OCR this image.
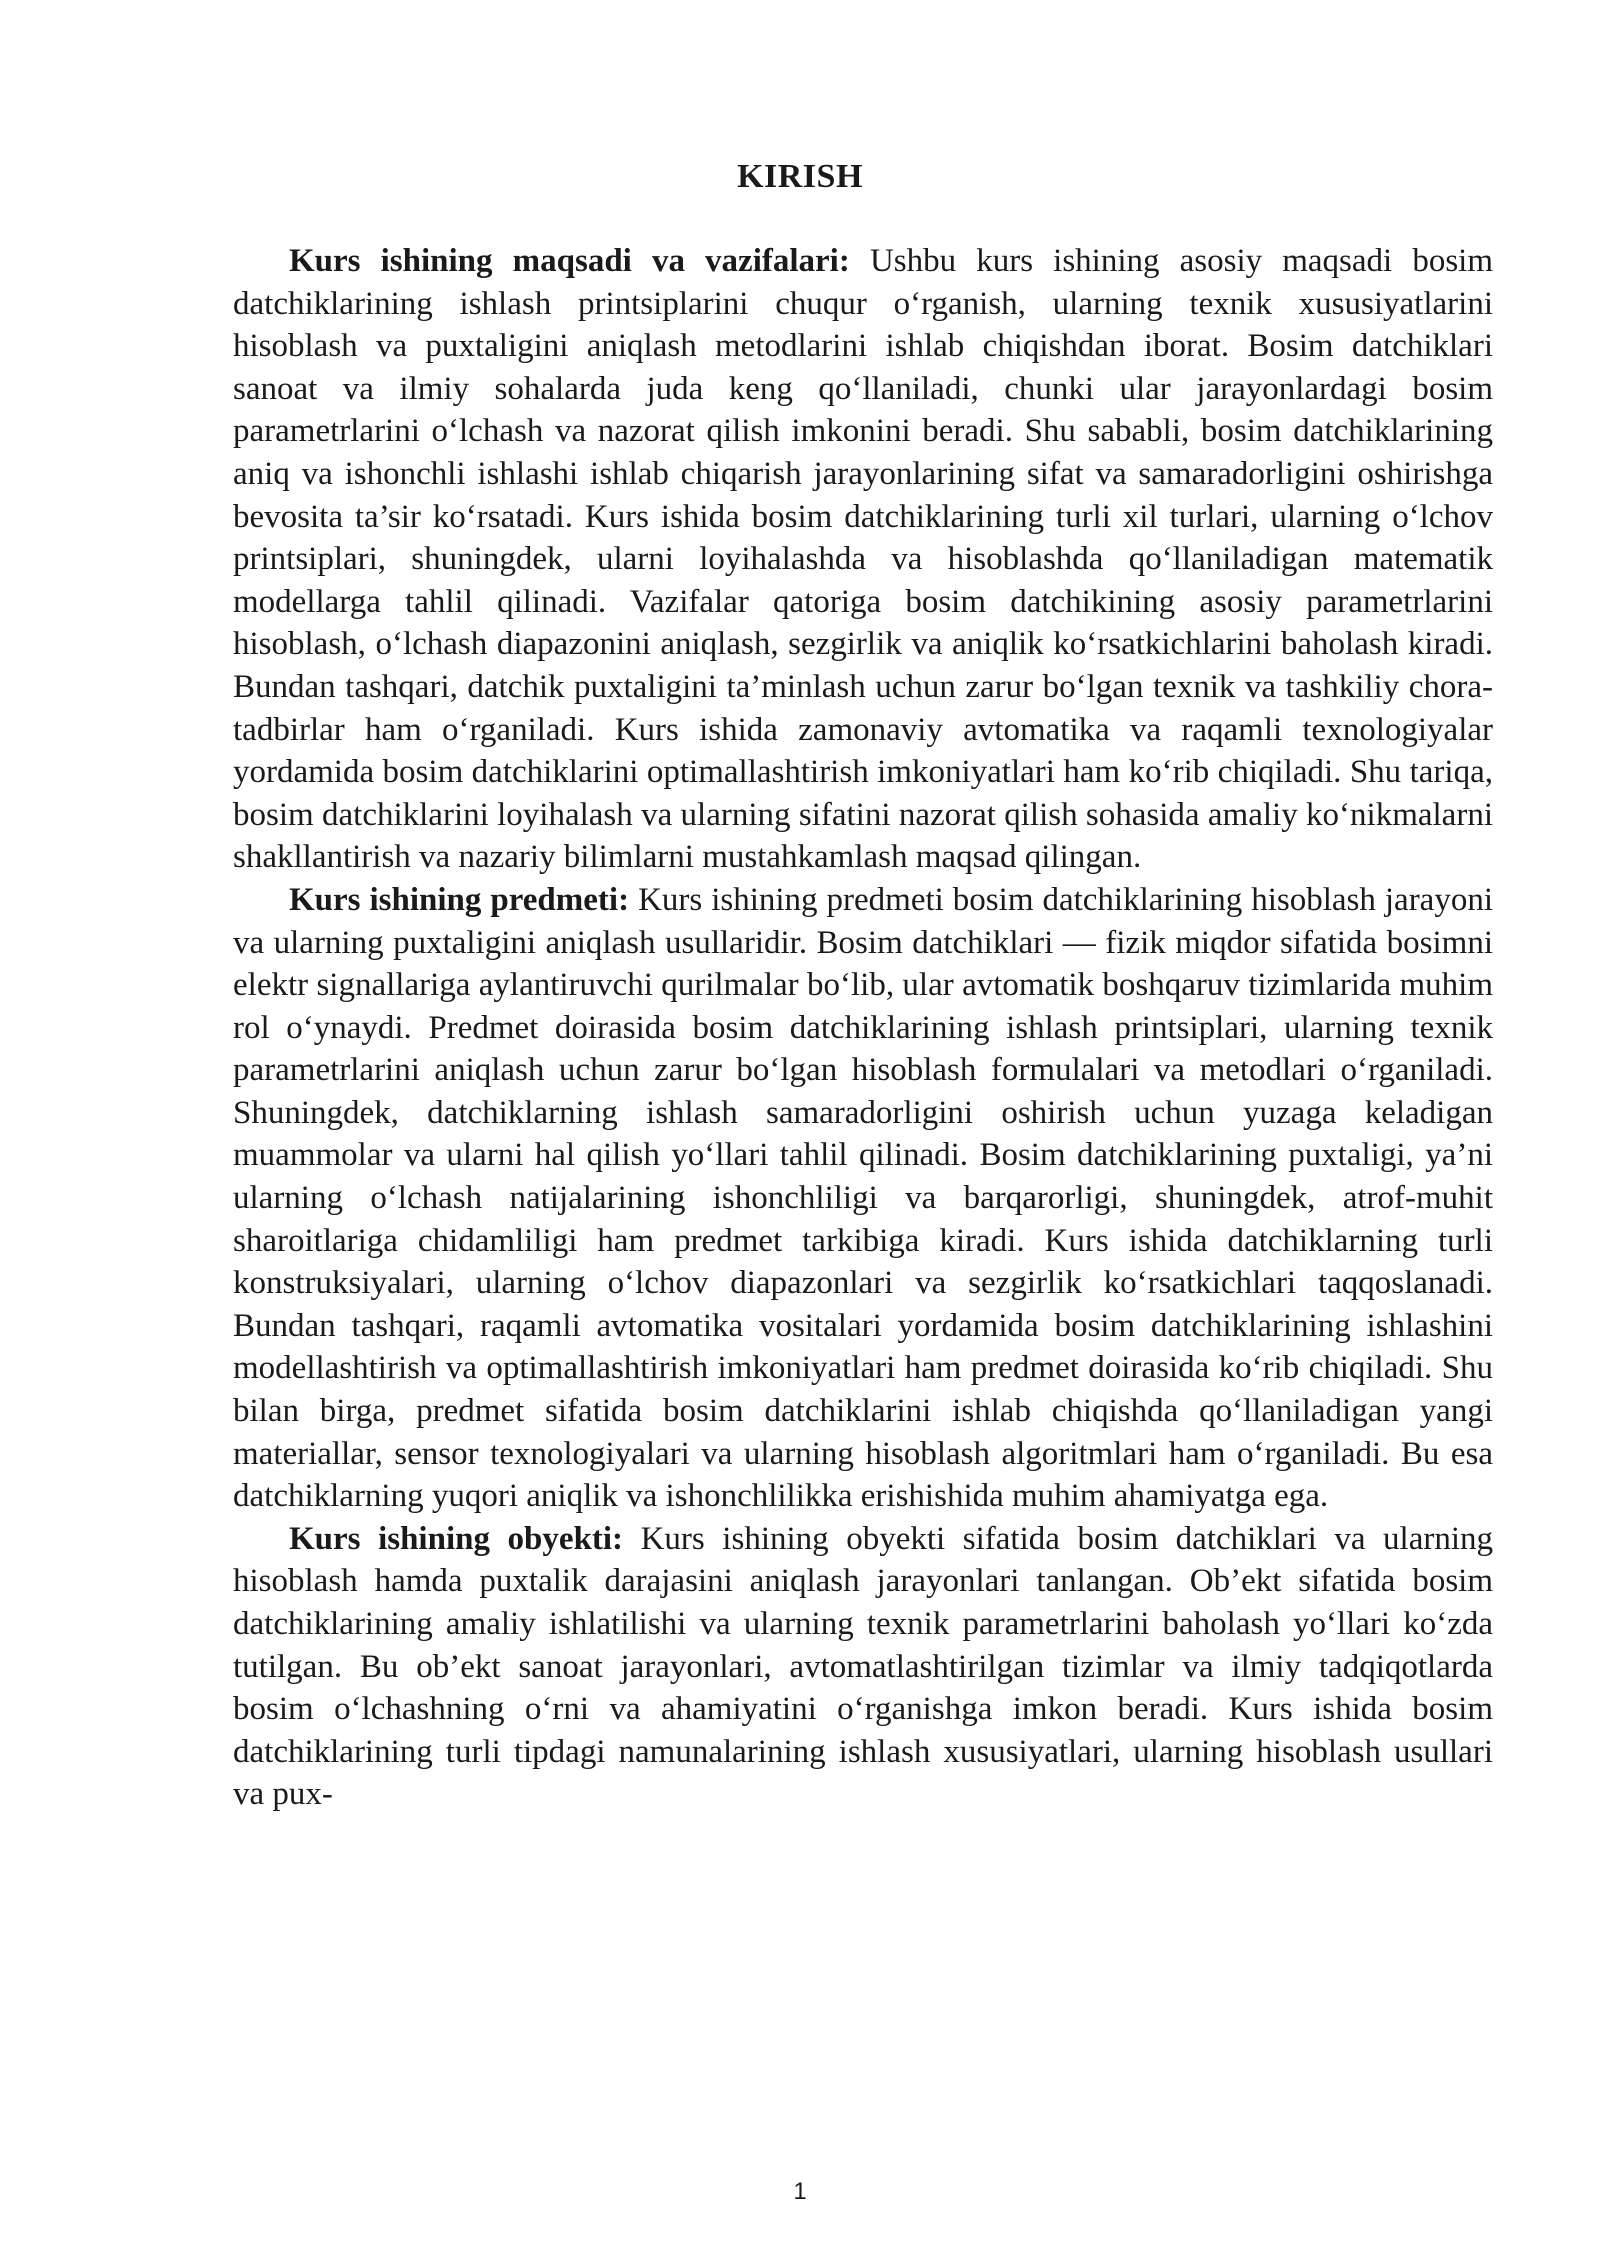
KIRISH

Kurs ishining maqsadi va vazifalari: Ushbu kurs ishining asosiy maqsadi bosim datchiklarining ishlash printsiplarini chuqur o‘rganish, ularning texnik xususiyatlarini hisoblash va puxtaligini aniqlash metodlarini ishlab chiqishdan iborat. Bosim datchiklari sanoat va ilmiy sohalarda juda keng qo‘llaniladi, chunki ular jarayonlardagi bosim parametrlarini o‘lchash va nazorat qilish imkonini beradi. Shu sababli, bosim datchiklarining aniq va ishonchli ishlashi ishlab chiqarish jarayonlarining sifat va samaradorligini oshirishga bevosita ta’sir ko‘rsatadi. Kurs ishida bosim datchiklarining turli xil turlari, ularning o‘lchov printsiplari, shuningdek, ularni loyihalashda va hisoblashda qo‘llaniladigan matematik modellarga tahlil qilinadi. Vazifalar qatoriga bosim datchikining asosiy parametrlarini hisoblash, o‘lchash diapazonini aniqlash, sezgirlik va aniqlik ko‘rsatkichlarini baholash kiradi. Bundan tashqari, datchik puxtaligini ta’minlash uchun zarur bo‘lgan texnik va tashkiliy chora-tadbirlar ham o‘rganiladi. Kurs ishida zamonaviy avtomatika va raqamli texnologiyalar yordamida bosim datchiklarini optimallashtirish imkoniyatlari ham ko‘rib chiqiladi. Shu tariqa, bosim datchiklarini loyihalash va ularning sifatini nazorat qilish sohasida amaliy ko‘nikmalarni shakllantirish va nazariy bilimlarni mustahkamlash maqsad qilingan.

Kurs ishining predmeti: Kurs ishining predmeti bosim datchiklarining hisoblash jarayoni va ularning puxtaligini aniqlash usullaridir. Bosim datchiklari — fizik miqdor sifatida bosimni elektr signallariga aylantiruvchi qurilmalar bo‘lib, ular avtomatik boshqaruv tizimlarida muhim rol o‘ynaydi. Predmet doirasida bosim datchiklarining ishlash printsiplari, ularning texnik parametrlarini aniqlash uchun zarur bo‘lgan hisoblash formulalari va metodlari o‘rganiladi. Shuningdek, datchiklarning ishlash samaradorligini oshirish uchun yuzaga keladigan muammolar va ularni hal qilish yo‘llari tahlil qilinadi. Bosim datchiklarining puxtaligi, ya’ni ularning o‘lchash natijalarining ishonchliligi va barqarorligi, shuningdek, atrof-muhit sharoitlariga chidamliligi ham predmet tarkibiga kiradi. Kurs ishida datchiklarning turli konstruksiyalari, ularning o‘lchov diapazonlari va sezgirlik ko‘rsatkichlari taqqoslanadi. Bundan tashqari, raqamli avtomatika vositalari yordamida bosim datchiklarining ishlashini modellashtirish va optimallashtirish imkoniyatlari ham predmet doirasida ko‘rib chiqiladi. Shu bilan birga, predmet sifatida bosim datchiklarini ishlab chiqishda qo‘llaniladigan yangi materiallar, sensor texnologiyalari va ularning hisoblash algoritmlari ham o‘rganiladi. Bu esa datchiklarning yuqori aniqlik va ishonchlilikka erishishida muhim ahamiyatga ega.

Kurs ishining obyekti: Kurs ishining obyekti sifatida bosim datchiklari va ularning hisoblash hamda puxtalik darajasini aniqlash jarayonlari tanlangan. Ob’ekt sifatida bosim datchiklarining amaliy ishlatilishi va ularning texnik parametrlarini baholash yo‘llari ko‘zda tutilgan. Bu ob’ekt sanoat jarayonlari, avtomatlashtirilgan tizimlar va ilmiy tadqiqotlarda bosim o‘lchashning o‘rni va ahamiyatini o‘rganishga imkon beradi. Kurs ishida bosim datchiklarining turli tipdagi namunalarining ishlash xususiyatlari, ularning hisoblash usullari va pux-

1
